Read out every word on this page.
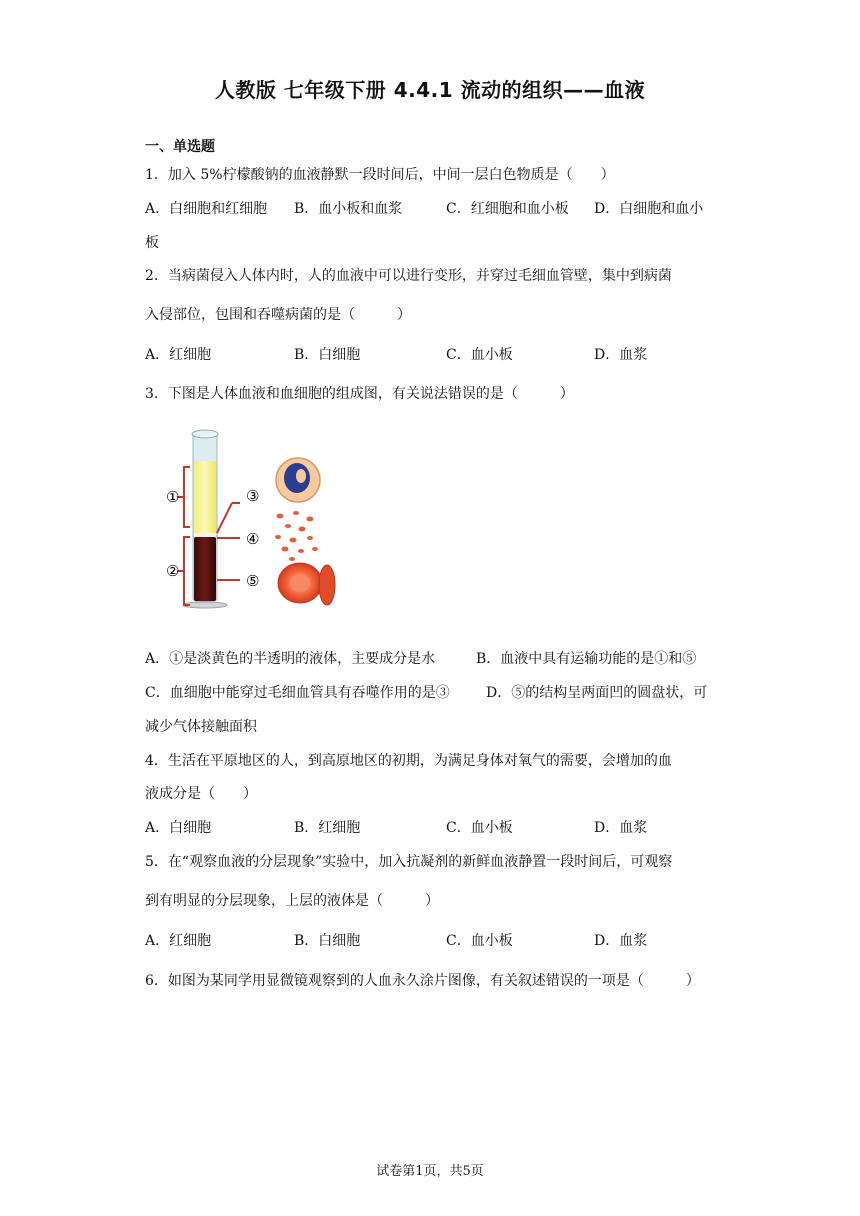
人教版 七年级下册 4.4.1 流动的组织——血液
一、单选题
1．加入 5%柠檬酸钠的血液静默一段时间后，中间一层白色物质是（　　）
A．白细胞和红细胞 B．血小板和血浆	C．红细胞和血小板 D．白细胞和血小
板
2．当病菌侵入人体内时，人的血液中可以进行变形，并穿过毛细血管壁，集中到病菌
入侵部位，包围和吞噬病菌的是（　　　）
A．红细胞	B．白细胞	C．血小板	D．血浆
3．下图是人体血液和血细胞的组成图，有关说法错误的是（　　　）
①
②
③
④
⑤
A．①是淡黄色的半透明的液体，主要成分是水	B．血液中具有运输功能的是①和⑤
C．血细胞中能穿过毛细血管具有吞噬作用的是③	D．⑤的结构呈两面凹的圆盘状，可
减少气体接触面积
4．生活在平原地区的人，到高原地区的初期，为满足身体对氧气的需要，会增加的血
液成分是（　　）
A．白细胞	B．红细胞	C．血小板	D．血浆
5．在“观察血液的分层现象”实验中，加入抗凝剂的新鲜血液静置一段时间后，可观察
到有明显的分层现象，上层的液体是（　　　）
A．红细胞	B．白细胞	C．血小板	D．血浆
6．如图为某同学用显微镜观察到的人血永久涂片图像，有关叙述错误的一项是（　　　）
试卷第1页，共5页
